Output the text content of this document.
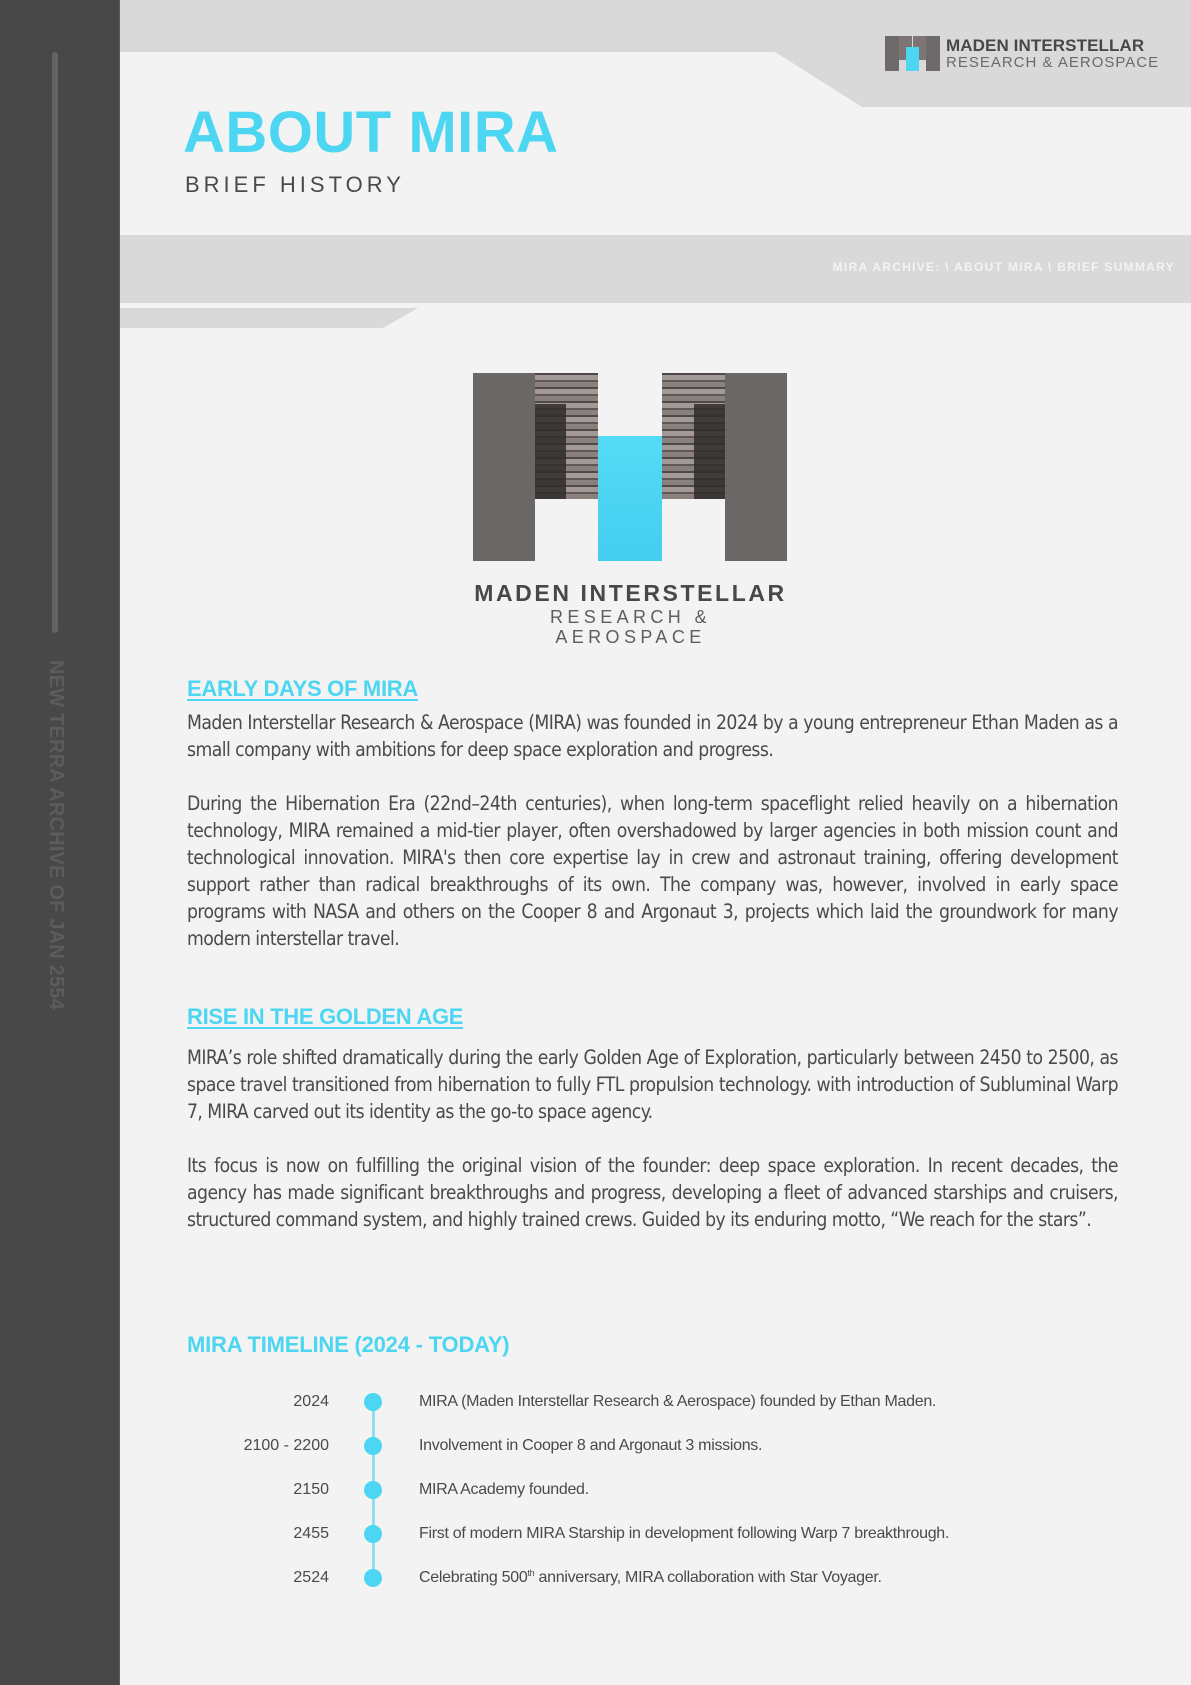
NEW TERRA ARCHIVE OF JAN 2554
MADEN INTERSTELLAR
RESEARCH & AEROSPACE
ABOUT MIRA
BRIEF HISTORY
MIRA ARCHIVE: \ ABOUT MIRA \ BRIEF SUMMARY
MADEN INTERSTELLAR
RESEARCH & AEROSPACE
EARLY DAYS OF MIRA

Maden Interstellar Research & Aerospace (MIRA) was founded in 2024 by a young entrepreneur Ethan Maden as a small company with ambitions for deep space exploration and progress.

During the Hibernation Era (22nd–24th centuries), when long-term spaceflight relied heavily on a hibernation technology, MIRA remained a mid-tier player, often overshadowed by larger agencies in both mission count and technological innovation. MIRA's then core expertise lay in crew and astronaut training, offering development support rather than radical breakthroughs of its own. The company was, however, involved in early space programs with NASA and others on the Cooper 8 and Argonaut 3, projects which laid the groundwork for many modern interstellar travel.

RISE IN THE GOLDEN AGE

MIRA’s role shifted dramatically during the early Golden Age of Exploration, particularly between 2450 to 2500, as space travel transitioned from hibernation to fully FTL propulsion technology. with introduction of Subluminal Warp 7, MIRA carved out its identity as the go-to space agency.

Its focus is now on fulfilling the original vision of the founder: deep space exploration. In recent decades, the agency has made significant breakthroughs and progress, developing a fleet of advanced starships and cruisers, structured command system, and highly trained crews. Guided by its enduring motto, “We reach for the stars”.

MIRA TIMELINE (2024 - TODAY)
2024	MIRA (Maden Interstellar Research & Aerospace) founded by Ethan Maden.
2100 - 2200	Involvement in Cooper 8 and Argonaut 3 missions.
2150	MIRA Academy founded.
2455	First of modern MIRA Starship in development following Warp 7 breakthrough.
2524	Celebrating 500th anniversary, MIRA collaboration with Star Voyager.
